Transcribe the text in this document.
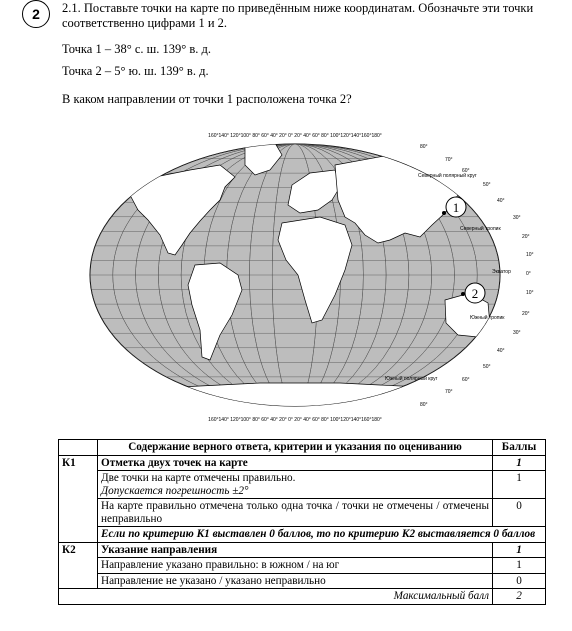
2	2.1. Поставьте точки на карте по приведённым ниже координатам. Обозначьте эти точки
соответственно цифрами 1 и 2.
Точка 1 – 38° с. ш. 139° в. д.
Точка 2 – 5° ю. ш. 139° в. д.
В каком направлении от точки 1 расположена точка 2?
160°140° 120°100° 80° 60° 40° 20° 0° 20° 40° 60° 80° 100°120°140°160°180°
160°140° 120°100° 80° 60° 40° 20° 0° 20° 40° 60° 80° 100°120°140°160°180°
80°
70°
60°
50°
40°
30°
20°
10°
0°
10°
20°
30°
40°
50°
60°
70°
80°
Северный полярный круг
Северный тропик
Экватор
Южный тропик
Южный полярный круг
1
2
	Содержание верного ответа, критерии и указания по оцениванию	Баллы
К1	Отметка двух точек на карте	1
	Две точки на карте отмечены правильно.
Допускается погрешность ±2°	1
	На карте правильно отмечена только одна точка / точки не отмечены / отмечены неправильно	0
	Если по критерию К1 выставлен 0 баллов, то по критерию К2 выставляется 0 баллов	
К2	Указание направления	1
	Направление указано правильно: в южном / на юг	1
	Направление не указано / указано неправильно	0
Максимальный балл		2
